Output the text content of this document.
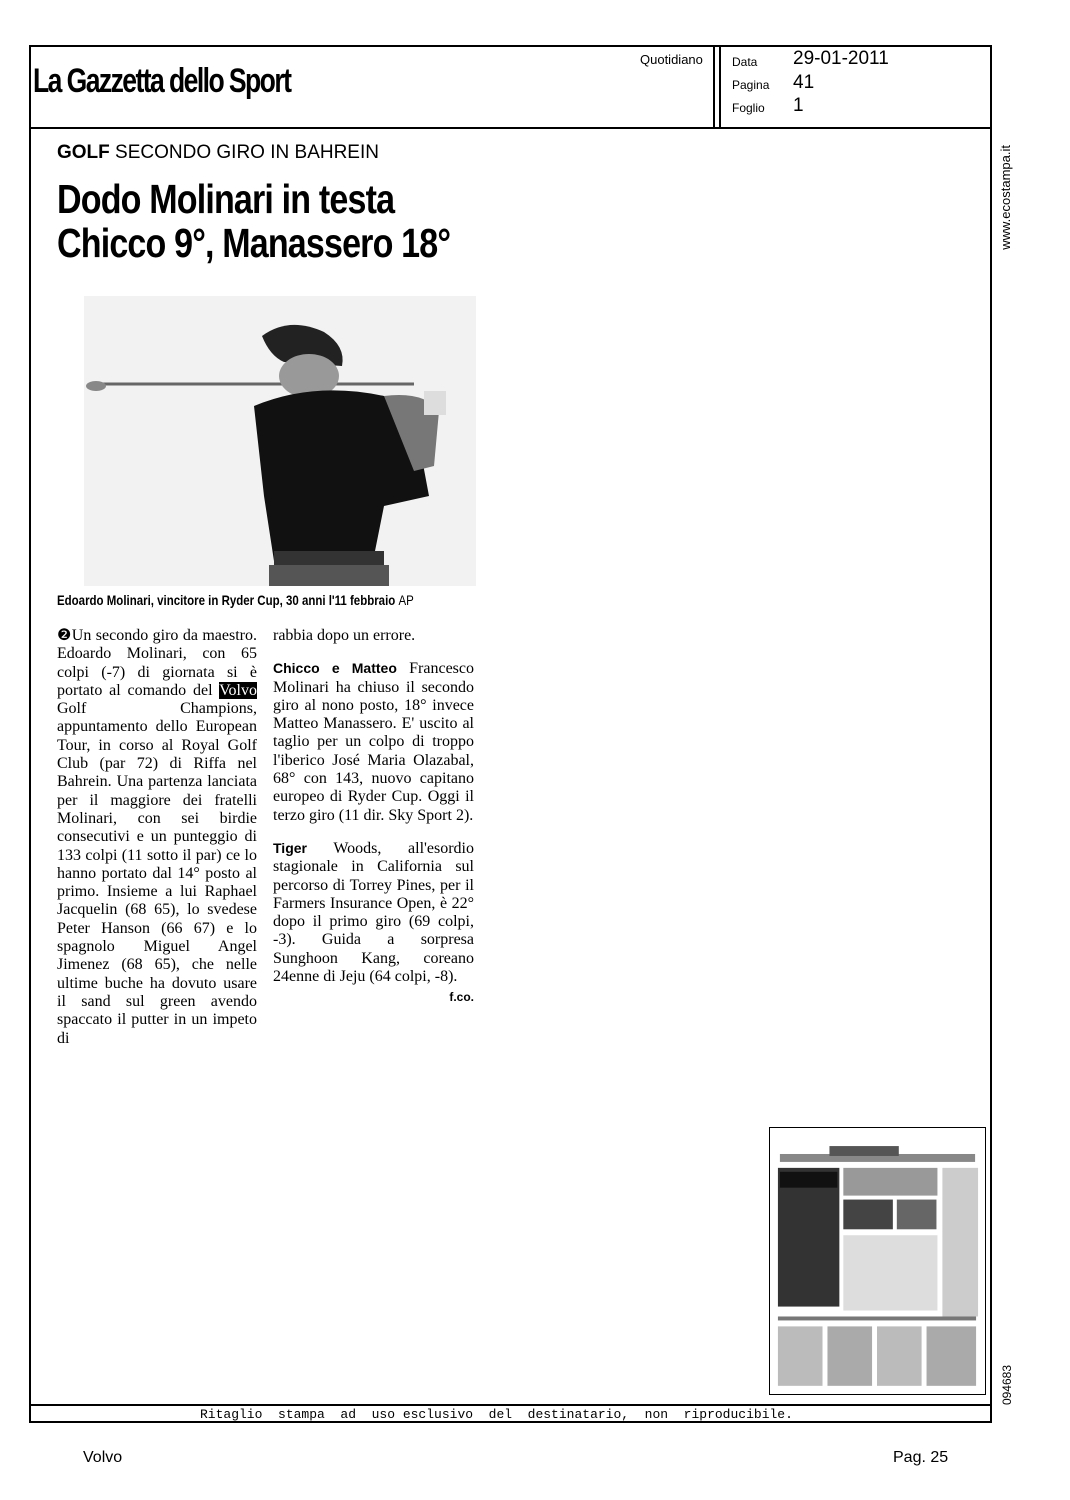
La Gazzetta dello Sport
Quotidiano Data 29-01-2011
Pagina 41
Foglio 1
www.ecostampa.it
094683
GOLF SECONDO GIRO IN BAHREIN
Dodo Molinari in testa
Chicco 9°, Manassero 18°
Edoardo Molinari, vincitore in Ryder Cup, 30 anni l'11 febbraio AP

❷Un secondo giro da maestro. Edoardo Molinari, con 65 colpi (-7) di giornata si è portato al comando del Volvo Golf Champions, appuntamento dello European Tour, in corso al Royal Golf Club (par 72) di Riffa nel Bahrein. Una partenza lanciata per il maggiore dei fratelli Molinari, con sei birdie consecutivi e un punteggio di 133 colpi (11 sotto il par) ce lo hanno portato dal 14° posto al primo. Insieme a lui Raphael Jacquelin (68 65), lo svedese Peter Hanson (66 67) e lo spagnolo Miguel Angel Jimenez (68 65), che nelle ultime buche ha dovuto usare il sand sul green avendo spaccato il putter in un impeto di

rabbia dopo un errore.

Chicco e Matteo Francesco Molinari ha chiuso il secondo giro al nono posto, 18° invece Matteo Manassero. E' uscito al taglio per un colpo di troppo l'iberico José Maria Olazabal, 68° con 143, nuovo capitano europeo di Ryder Cup. Oggi il terzo giro (11 dir. Sky Sport 2).

Tiger Woods, all'esordio stagionale in California sul percorso di Torrey Pines, per il Farmers Insurance Open, è 22° dopo il primo giro (69 colpi, -3). Guida a sorpresa Sunghoon Kang, coreano 24enne di Jeju (64 colpi, -8).

f.co.
Ritaglio  stampa  ad  uso esclusivo  del  destinatario,  non  riproducibile.
Volvo	Pag. 25
